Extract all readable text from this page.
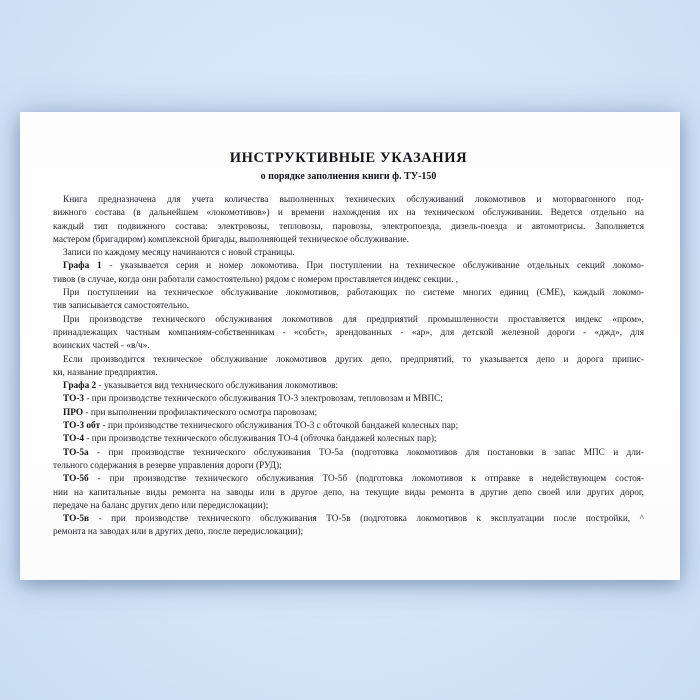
ИНСТРУКТИВНЫЕ УКАЗАНИЯ
о порядке заполнения книги ф. ТУ-150
Книга предназначена для учета количества выполненных технических обслуживаний локомотивов и моторвагонного под-
вижного состава (в дальнейшем «локомотивов») и времени нахождения их на техническом обслуживании. Ведется отдельно на
каждый тип подвижного состава: электровозы, тепловозы, паровозы, электропоезда, дизель-поезда и автомотрисы. Заполняется
мастером (бригадиром) комплексной бригады, выполняющей техническое обслуживание.
Записи по каждому месяцу начинаются с новой страницы.
Графа 1 - указывается серия и номер локомотива. При поступлении на техническое обслуживание отдельных секций локомо-
тивов (в случае, когда они работали самостоятельно) рядом с номером проставляется индекс секции. ,
При поступлении на техническое обслуживание локомотивов, работающих по системе многих единиц (СМЕ), каждый локомо-
тив записывается самостоятельно.
При производстве технического обслуживания локомотивов для предприятий промышленности проставляется индекс «пром»,
принадлежащих частным компаниям-собственникам - «собст», арендованных - «ар», для детской железной дороги - «джд», для
воинских частей - «в/ч».
Если производится техническое обслуживание локомотивов других депо, предприятий, то указывается депо и дорога припис-
ки, название предприятия.
Графа 2 - указывается вид технического обслуживания локомотивов:
ТО-3 - при производстве технического обслуживания ТО-3 электровозам, тепловозам и МВПС;
ПРО - при выполнении профилактического осмотра паровозам;
ТО-3 обт - при производстве технического обслуживания ТО-3 с обточкой бандажей колесных пар;
ТО-4 - при производстве технического обслуживания ТО-4 (обточка бандажей колесных пар);
ТО-5а - при производстве технического обслуживания ТО-5а (подготовка локомотивов для постановки в запас МПС и дли-
тельного содержания в резерве управления дороги (РУД);
ТО-5б - при производстве технического обслуживания ТО-5б (подготовка локомотивов к отправке в недействующем состоя-
нии на капитальные виды ремонта на заводы или в другое депо, на текущие виды ремонта в другие депо своей или других дорог,
передаче на баланс других депо или передислокации);
ТО-5в - при производстве технического обслуживания ТО-5в (подготовка локомотивов к эксплуатации после постройки, ^
ремонта на заводах или в других депо, после передислокации);
